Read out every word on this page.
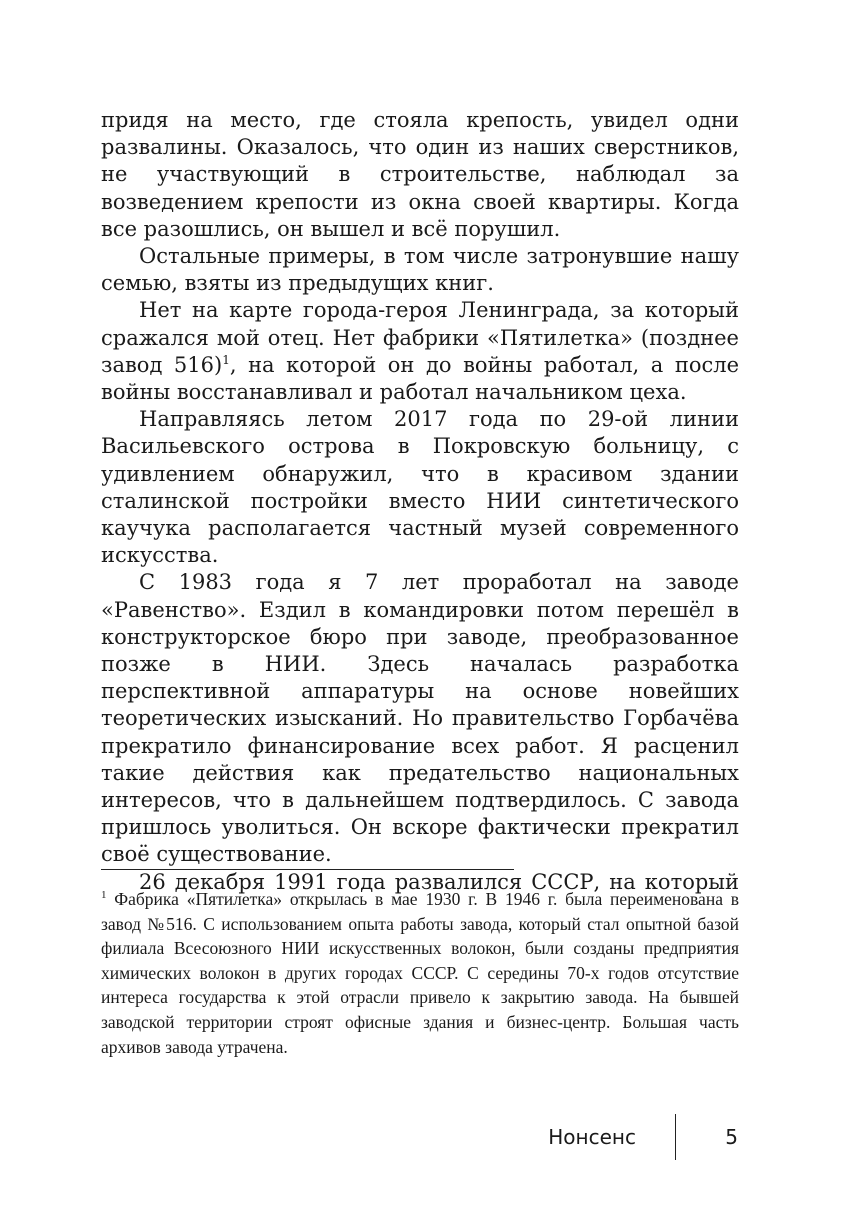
придя на место, где стояла крепость, увидел одни развалины. Оказалось, что один из наших сверстников, не участвующий в строительстве, наблюдал за возведением крепости из окна своей квартиры. Когда все разошлись, он вышел и всё порушил.

Остальные примеры, в том числе затронувшие нашу семью, взяты из предыдущих книг.

Нет на карте города-героя Ленинграда, за который сражался мой отец. Нет фабрики «Пятилетка» (позднее завод 516)$^1$, на которой он до войны работал, а после войны восстанавливал и работал начальником цеха.

Направляясь летом 2017 года по 29-ой линии Васильевского острова в Покровскую больницу, с удивлением обнаружил, что в красивом здании сталинской постройки вместо НИИ синтетического каучука располагается частный музей современного искусства.

С 1983 года я 7 лет проработал на заводе «Равенство». Ездил в командировки потом перешёл в конструкторское бюро при заводе, преобразованное позже в НИИ. Здесь началась разработка перспективной аппаратуры на основе новейших теоретических изысканий. Но правительство Горбачёва прекратило финансирование всех работ. Я расценил такие действия как предательство национальных интересов, что в дальнейшем подтвердилось. С завода пришлось уволиться. Он вскоре фактически прекратил своё существование.

26 декабря 1991 года развалился СССР, на который

$^1$ Фабрика «Пятилетка» открылась в мае 1930 г. В 1946 г. была переименована в завод №516. С использованием опыта работы завода, который стал опытной базой филиала Всесоюзного НИИ искусственных волокон, были созданы предприятия химических волокон в других городах СССР. С середины 70-х годов отсутствие интереса государства к этой отрасли привело к закрытию завода. На бывшей заводской территории строят офисные здания и бизнес-центр. Большая часть архивов завода утрачена.

Нонсенс	5
